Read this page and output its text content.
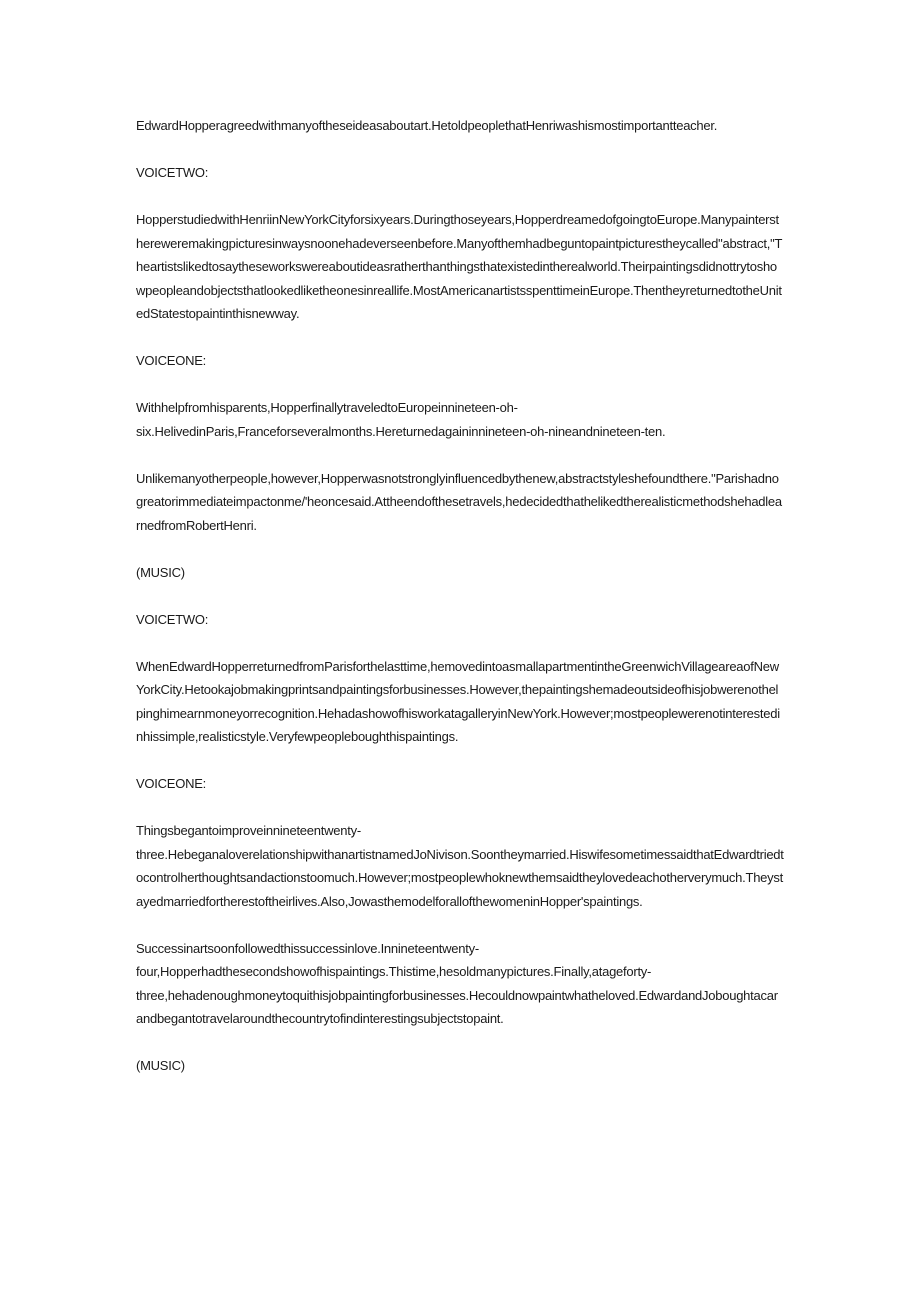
EdwardHopperagreedwithmanyoftheseideasaboutart.HetoldpeoplethatHenriwashismostimportantteacher.

VOICETWO:

HopperstudiedwithHenriinNewYorkCityforsixyears.Duringthoseyears,HopperdreamedofgoingtoEurope.Manypaintersthereweremakingpicturesinwaysnoonehadeverseenbefore.Manyofthemhadbeguntopaintpicturestheycalled"abstract,"Theartistslikedtosaytheseworkswereaboutideasratherthanthingsthatexistedintherealworld.Theirpaintingsdidnottrytoshowpeopleandobjectsthatlookedliketheonesinreallife.MostAmericanartistsspenttimeinEurope.ThentheyreturnedtotheUnitedStatestopaintinthisnewway.

VOICEONE:

Withhelpfromhisparents,HopperfinallytraveledtoEuropeinnineteen-oh-
six.HelivedinParis,Franceforseveralmonths.Hereturnedagaininnineteen-oh-nineandnineteen-ten.

Unlikemanyotherpeople,however,Hopperwasnotstronglyinfluencedbythenew,abstractstyleshefoundthere."Parishadnogreatorimmediateimpactonme/'heoncesaid.Attheendofthesetravels,hedecidedthathelikedtherealisticmethodshehadlearnedfromRobertHenri.

(MUSIC)

VOICETWO:

WhenEdwardHopperreturnedfromParisforthelasttime,hemovedintoasmallapartmentintheGreenwichVillageareaofNewYorkCity.Hetookajobmakingprintsandpaintingsforbusinesses.However,thepaintingshemadeoutsideofhisjobwerenothelpinghimearnmoneyorrecognition.HehadashowofhisworkatagalleryinNewYork.However;mostpeoplewerenotinterestedinhissimple,realisticstyle.Veryfewpeopleboughthispaintings.

VOICEONE:

Thingsbegantoimproveinnineteentwenty-
three.HebeganaloverelationshipwithanartistnamedJoNivison.Soontheymarried.HiswifesometimessaidthatEdwardtriedtocontrolherthoughtsandactionstoomuch.However;mostpeoplewhoknewthemsaidtheylovedeachotherverymuch.Theystayedmarriedfortherestoftheirlives.Also,JowasthemodelforallofthewomeninHopper'spaintings.

Successinartsoonfollowedthissuccessinlove.Innineteentwenty-
four,Hopperhadthesecondshowofhispaintings.Thistime,hesoldmanypictures.Finally,atageforty-
three,hehadenoughmoneytoquithisjobpaintingforbusinesses.Hecouldnowpaintwhatheloved.EdwardandJoboughtacarandbegantotravelaroundthecountrytofindinterestingsubjectstopaint.

(MUSIC)
